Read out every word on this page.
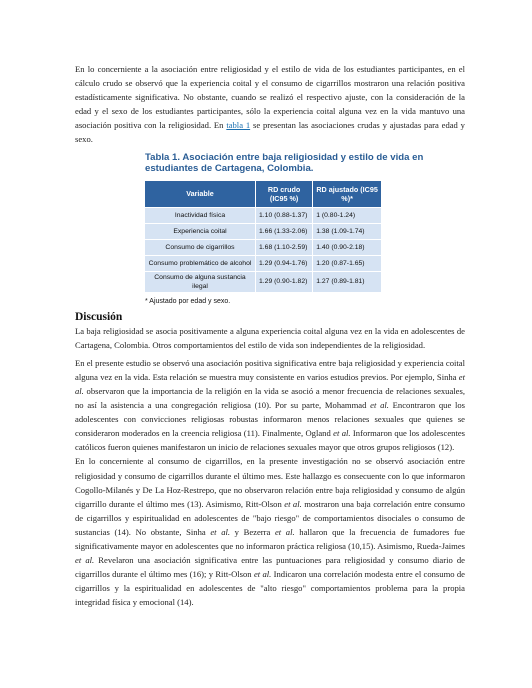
En lo concerniente a la asociación entre religiosidad y el estilo de vida de los estudiantes participantes, en el cálculo crudo se observó que la experiencia coital y el consumo de cigarrillos mostraron una relación positiva estadísticamente significativa. No obstante, cuando se realizó el respectivo ajuste, con la consideración de la edad y el sexo de los estudiantes participantes, sólo la experiencia coital alguna vez en la vida mantuvo una asociación positiva con la religiosidad. En tabla 1 se presentan las asociaciones crudas y ajustadas para edad y sexo.

Tabla 1. Asociación entre baja religiosidad y estilo de vida en estudiantes de Cartagena, Colombia.
Variable	RD crudo (IC95 %)	RD ajustado (IC95 %)*
Inactividad física	1.10 (0.88-1.37)	1 (0.80-1.24)
Experiencia coital	1.66 (1.33-2.06)	1.38 (1.09-1.74)
Consumo de cigarrillos	1.68 (1.10-2.59)	1.40 (0.90-2.18)
Consumo problemático de alcohol	1.29 (0.94-1.76)	1.20 (0.87-1.65)
Consumo de alguna sustancia ilegal	1.29 (0.90-1.82)	1.27 (0.89-1.81)
* Ajustado por edad y sexo.
Discusión

La baja religiosidad se asocia positivamente a alguna experiencia coital alguna vez en la vida en adolescentes de Cartagena, Colombia. Otros comportamientos del estilo de vida son independientes de la religiosidad.

En el presente estudio se observó una asociación positiva significativa entre baja religiosidad y experiencia coital alguna vez en la vida. Esta relación se muestra muy consistente en varios estudios previos. Por ejemplo, Sinha et al. observaron que la importancia de la religión en la vida se asoció a menor frecuencia de relaciones sexuales, no así la asistencia a una congregación religiosa (10). Por su parte, Mohammad et al. Encontraron que los adolescentes con convicciones religiosas robustas informaron menos relaciones sexuales que quienes se consideraron moderados en la creencia religiosa (11). Finalmente, Ogland et al. Informaron que los adolescentes católicos fueron quienes manifestaron un inicio de relaciones sexuales mayor que otros grupos religiosos (12).

En lo concerniente al consumo de cigarrillos, en la presente investigación no se observó asociación entre religiosidad y consumo de cigarrillos durante el último mes. Este hallazgo es consecuente con lo que informaron Cogollo-Milanés y De La Hoz-Restrepo, que no observaron relación entre baja religiosidad y consumo de algún cigarrillo durante el último mes (13). Asimismo, Ritt-Olson et al. mostraron una baja correlación entre consumo de cigarrillos y espiritualidad en adolescentes de "bajo riesgo" de comportamientos disociales o consumo de sustancias (14). No obstante, Sinha et al. y Bezerra et al. hallaron que la frecuencia de fumadores fue significativamente mayor en adolescentes que no informaron práctica religiosa (10,15). Asimismo, Rueda-Jaimes et al. Revelaron una asociación significativa entre las puntuaciones para religiosidad y consumo diario de cigarrillos durante el último mes (16); y Ritt-Olson et al. Indicaron una correlación modesta entre el consumo de cigarrillos y la espiritualidad en adolescentes de "alto riesgo" comportamientos problema para la propia integridad física y emocional (14).
